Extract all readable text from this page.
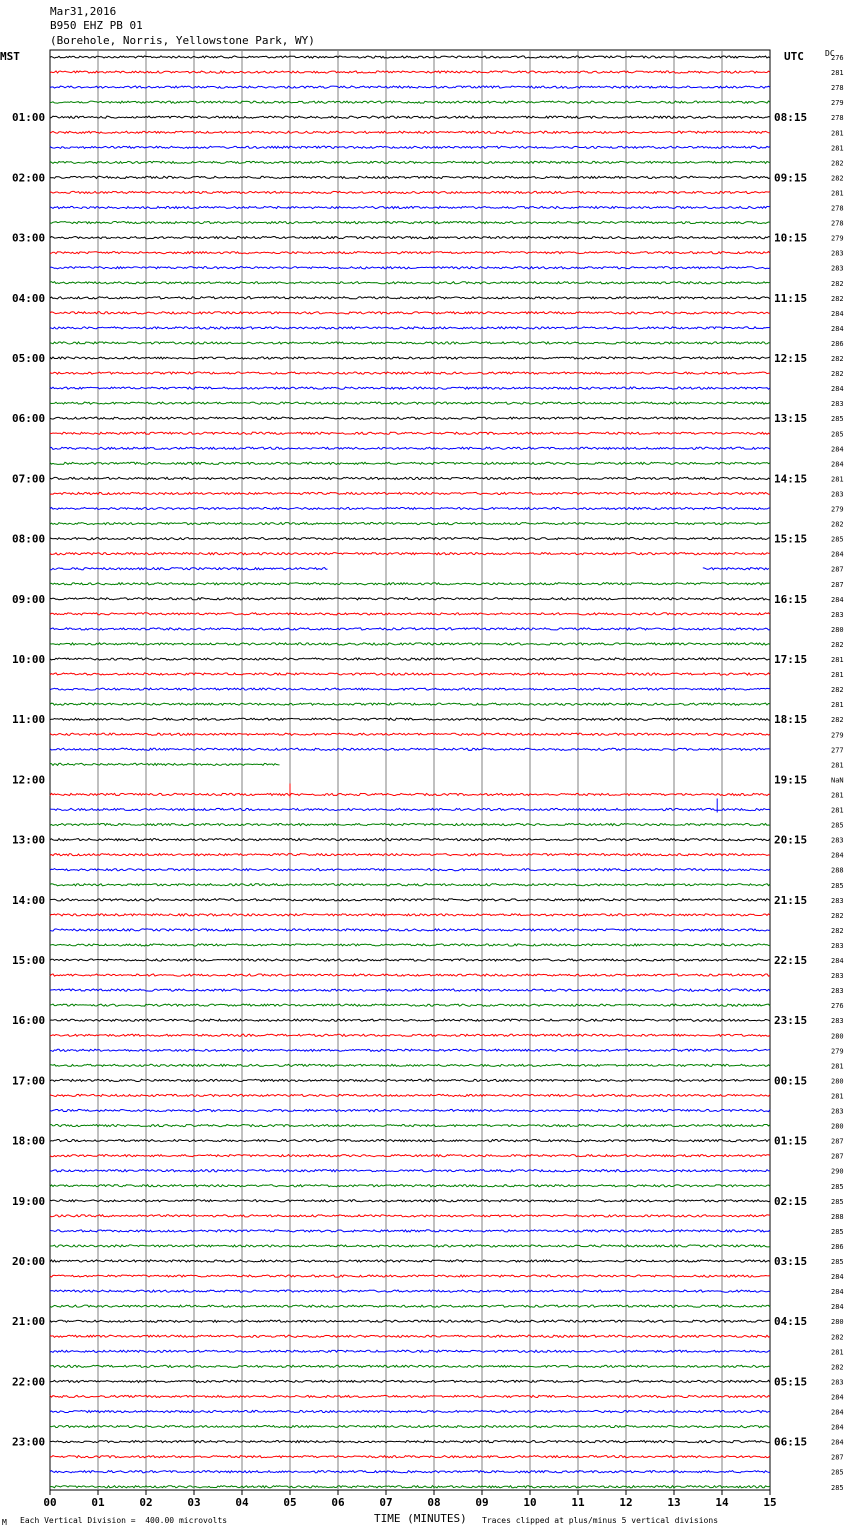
Mar31,2016
B950 EHZ PB 01
(Borehole, Norris, Yellowstone Park, WY)
MST	UTC	DC
276
281
278
279
278
281
281
282
282
281
278
278
279
283
283
282
282
284
284
286
282
282
284
283
285
285
284
284
281
283
279
282
285
284
287
287
284
283
280
282
281
281
282
281
282
279
277
281
NaN
281
281
285
283
284
288
285
283
282
282
283
284
283
283
276
283
280
279
281
280
281
283
280
287
287
290
285
285
288
285
286
285
284
284
284
280
282
281
282
283
284
284
284
284
287
285
285
01:00
02:00
03:00
04:00
05:00
06:00
07:00
08:00
09:00
10:00
11:00
12:00
13:00
14:00
15:00
16:00
17:00
18:00
19:00
20:00
21:00
22:00
23:00
08:15
09:15
10:15
11:15
12:15
13:15
14:15
15:15
16:15
17:15
18:15
19:15
20:15
21:15
22:15
23:15
00:15
01:15
02:15
03:15
04:15
05:15
06:15
00	01	02	03	04	05	06	07	08	09	10	11	12	13	14	15
M Each Vertical Division =  400.00 microvolts	TIME (MINUTES) Traces clipped at plus/minus 5 vertical divisions
